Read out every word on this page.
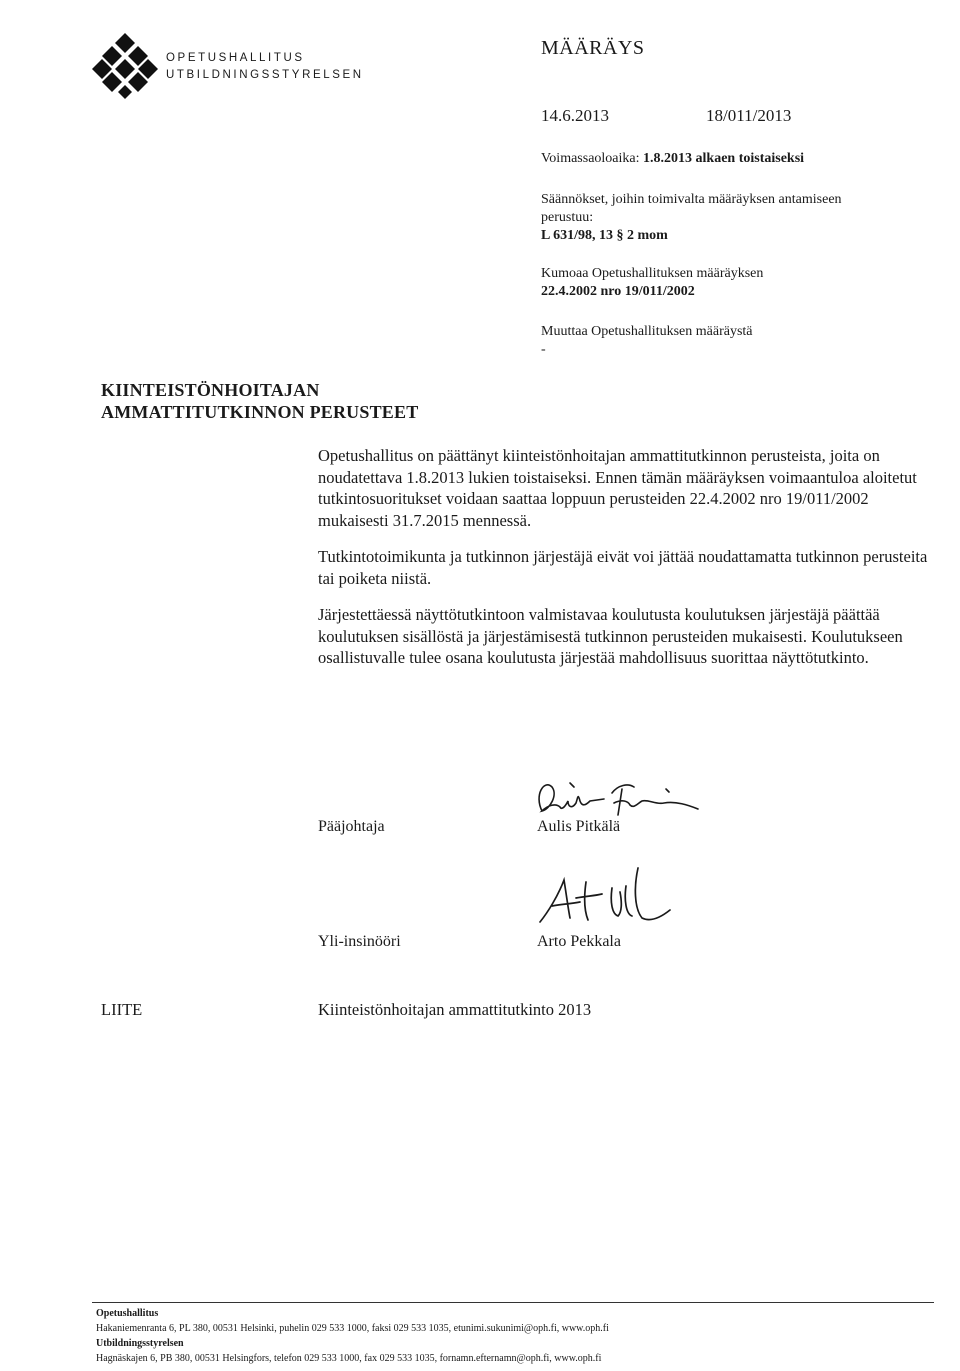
OPETUSHALLITUS
UTBILDNINGSSTYRELSEN
MÄÄRÄYS
14.6.2013	18/011/2013
Voimassaoloaika: 1.8.2013 alkaen toistaiseksi
Säännökset, joihin toimivalta määräyksen antamiseen perustuu:
L 631/98, 13 § 2 mom
Kumoaa Opetushallituksen määräyksen
22.4.2002 nro 19/011/2002
Muuttaa Opetushallituksen määräystä
-
KIINTEISTÖNHOITAJAN
AMMATTITUTKINNON PERUSTEET

Opetushallitus on päättänyt kiinteistönhoitajan ammattitutkinnon perusteista, joita on noudatettava 1.8.2013 lukien toistaiseksi. Ennen tämän määräyksen voimaantuloa aloitetut tutkintosuoritukset voidaan saattaa loppuun perusteiden 22.4.2002 nro 19/011/2002 mukaisesti 31.7.2015 mennessä.

Tutkintotoimikunta ja tutkinnon järjestäjä eivät voi jättää noudattamatta tutkinnon perusteita tai poiketa niistä.

Järjestettäessä näyttötutkintoon valmistavaa koulutusta koulutuksen järjestäjä päättää koulutuksen sisällöstä ja järjestämisestä tutkinnon perusteiden mukaisesti. Koulutukseen osallistuvalle tulee osana koulutusta järjestää mahdollisuus suorittaa näyttötutkinto.

Pääjohtaja	Aulis Pitkälä
Yli-insinööri	Arto Pekkala
LIITE	Kiinteistönhoitajan ammattitutkinto 2013
Opetushallitus
Hakaniemenranta 6, PL 380, 00531 Helsinki, puhelin 029 533 1000, faksi 029 533 1035, etunimi.sukunimi@oph.fi, www.oph.fi
Utbildningsstyrelsen
Hagnäskajen 6, PB 380, 00531 Helsingfors, telefon 029 533 1000, fax 029 533 1035, fornamn.efternamn@oph.fi, www.oph.fi
